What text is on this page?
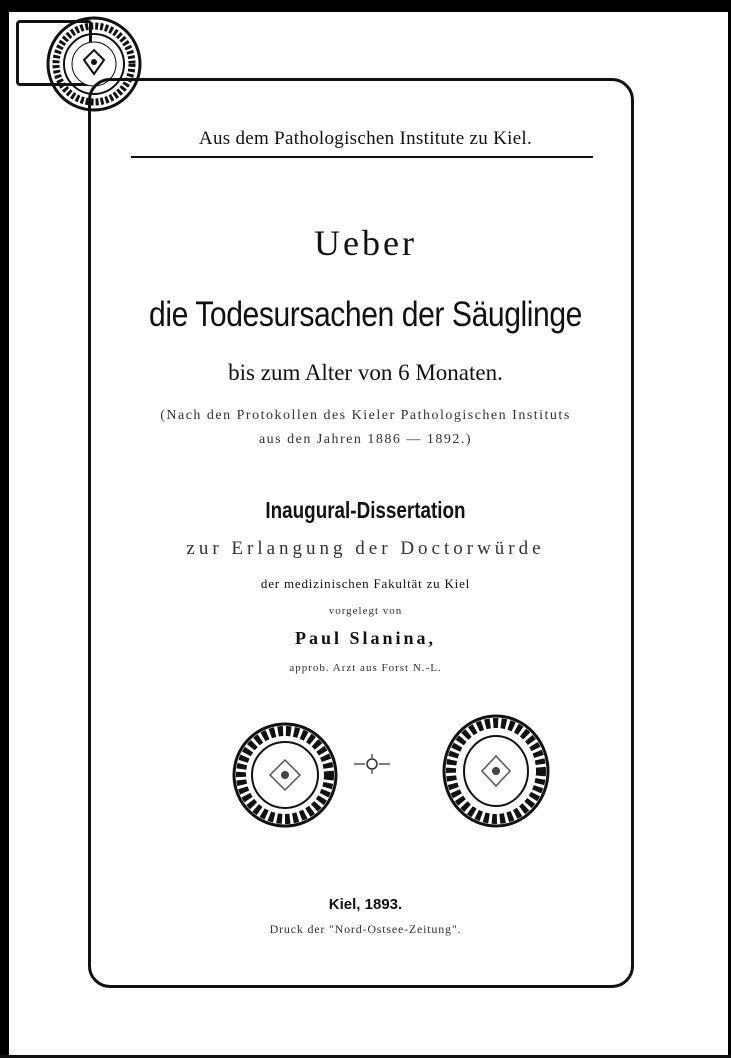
Aus dem Pathologischen Institute zu Kiel.
Ueber
die Todesursachen der Säuglinge
bis zum Alter von 6 Monaten.
(Nach den Protokollen des Kieler Pathologischen Instituts
aus den Jahren 1886 — 1892.)
Inaugural-Dissertation
zur Erlangung der Doctorwürde
der medizinischen Fakultät zu Kiel
vorgelegt von
Paul Slanina,
approb. Arzt aus Forst N.-L.
Kiel, 1893.
Druck der "Nord-Ostsee-Zeitung".
